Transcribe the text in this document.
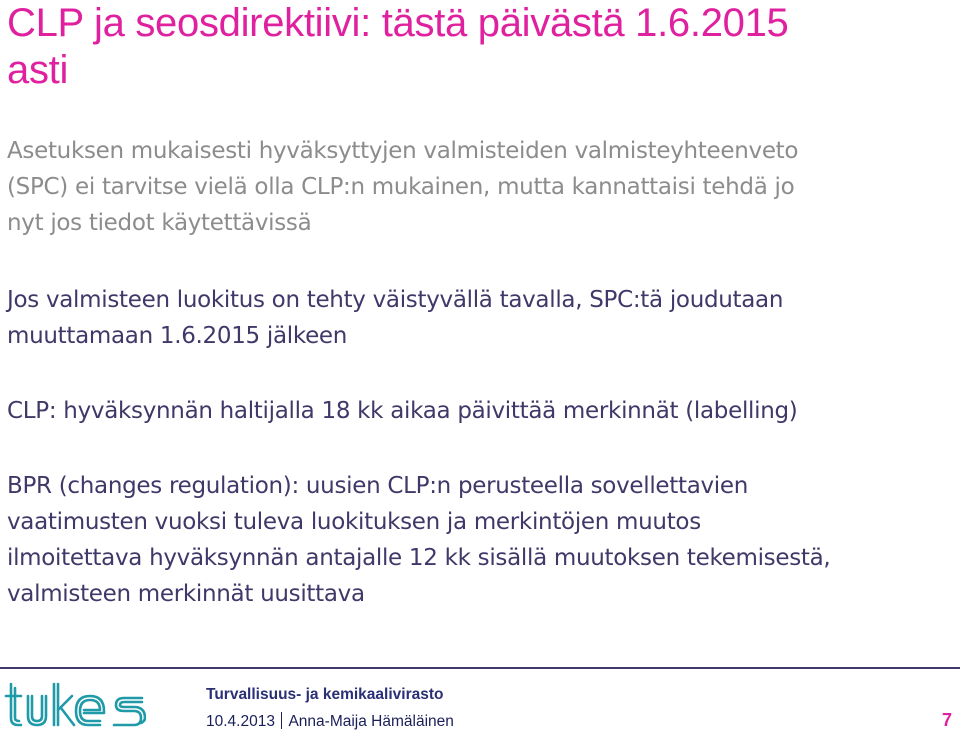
CLP ja seosdirektiivi: tästä päivästä 1.6.2015
asti
Asetuksen mukaisesti hyväksyttyjen valmisteiden valmisteyhteenveto
(SPC) ei tarvitse vielä olla CLP:n mukainen, mutta kannattaisi tehdä jo
nyt jos tiedot käytettävissä
Jos valmisteen luokitus on tehty väistyvällä tavalla, SPC:tä joudutaan
muuttamaan 1.6.2015 jälkeen
CLP: hyväksynnän haltijalla 18 kk aikaa päivittää merkinnät (labelling)
BPR (changes regulation): uusien CLP:n perusteella sovellettavien
vaatimusten vuoksi tuleva luokituksen ja merkintöjen muutos
ilmoitettava hyväksynnän antajalle 12 kk sisällä muutoksen tekemisestä,
valmisteen merkinnät uusittava
Turvallisuus- ja kemikaalivirasto
10.4.2013 Anna-Maija Hämäläinen	7
